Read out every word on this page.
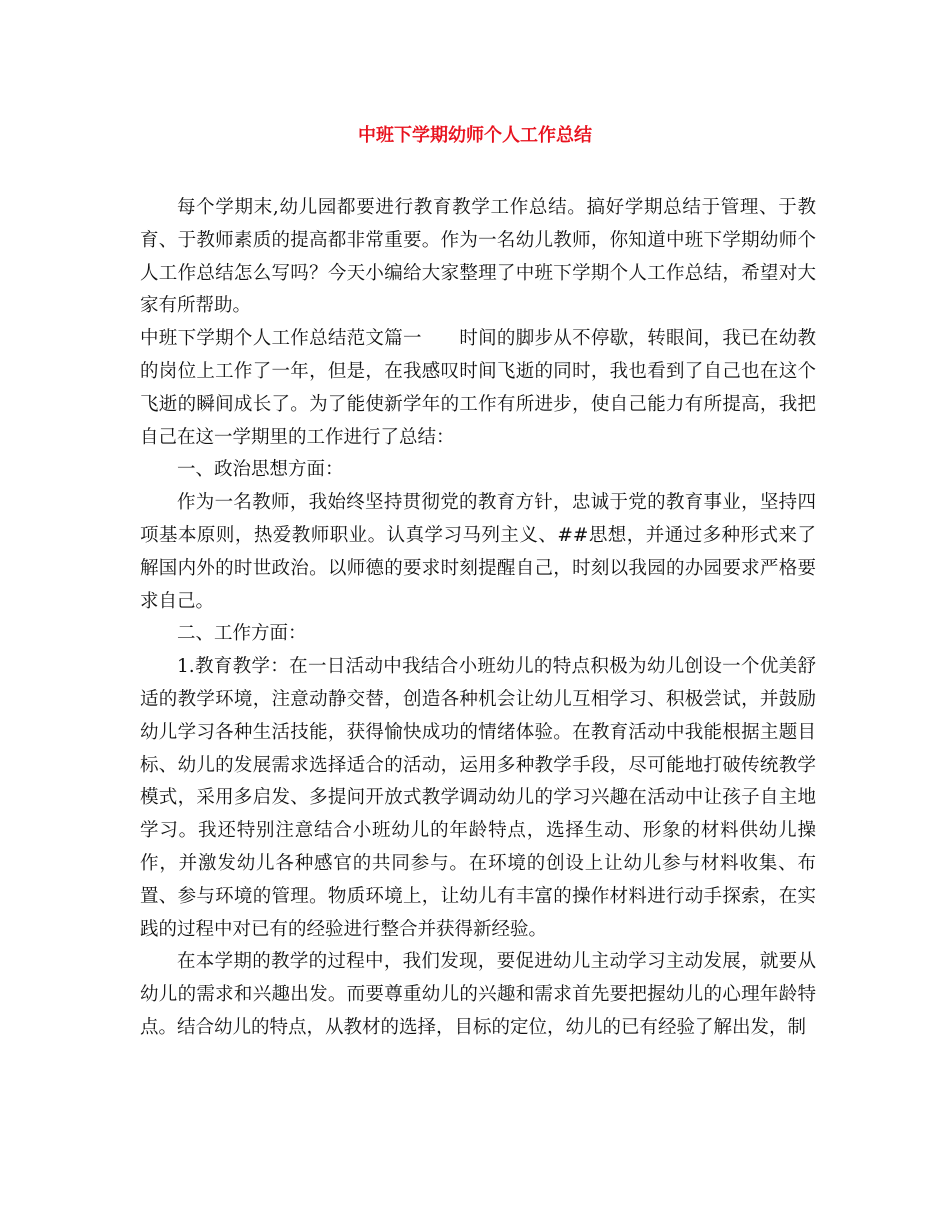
中班下学期幼师个人工作总结

每个学期末,幼儿园都要进行教育教学工作总结。搞好学期总结于管理、于教育、于教师素质的提高都非常重要。作为一名幼儿教师，你知道中班下学期幼师个人工作总结怎么写吗？今天小编给大家整理了中班下学期个人工作总结，希望对大家有所帮助。

中班下学期个人工作总结范文篇一　　时间的脚步从不停歇，转眼间，我已在幼教的岗位上工作了一年，但是，在我感叹时间飞逝的同时，我也看到了自己也在这个飞逝的瞬间成长了。为了能使新学年的工作有所进步，使自己能力有所提高，我把自己在这一学期里的工作进行了总结：

一、政治思想方面：

作为一名教师，我始终坚持贯彻党的教育方针，忠诚于党的教育事业，坚持四项基本原则，热爱教师职业。认真学习马列主义、##思想，并通过多种形式来了解国内外的时世政治。以师德的要求时刻提醒自己，时刻以我园的办园要求严格要求自己。

二、工作方面：

1.教育教学：在一日活动中我结合小班幼儿的特点积极为幼儿创设一个优美舒适的教学环境，注意动静交替，创造各种机会让幼儿互相学习、积极尝试，并鼓励幼儿学习各种生活技能，获得愉快成功的情绪体验。在教育活动中我能根据主题目标、幼儿的发展需求选择适合的活动，运用多种教学手段，尽可能地打破传统教学模式，采用多启发、多提问开放式教学调动幼儿的学习兴趣在活动中让孩子自主地学习。我还特别注意结合小班幼儿的年龄特点，选择生动、形象的材料供幼儿操作，并激发幼儿各种感官的共同参与。在环境的创设上让幼儿参与材料收集、布置、参与环境的管理。物质环境上，让幼儿有丰富的操作材料进行动手探索，在实践的过程中对已有的经验进行整合并获得新经验。

在本学期的教学的过程中，我们发现，要促进幼儿主动学习主动发展，就要从幼儿的需求和兴趣出发。而要尊重幼儿的兴趣和需求首先要把握幼儿的心理年龄特点。结合幼儿的特点，从教材的选择，目标的定位，幼儿的已有经验了解出发，制
